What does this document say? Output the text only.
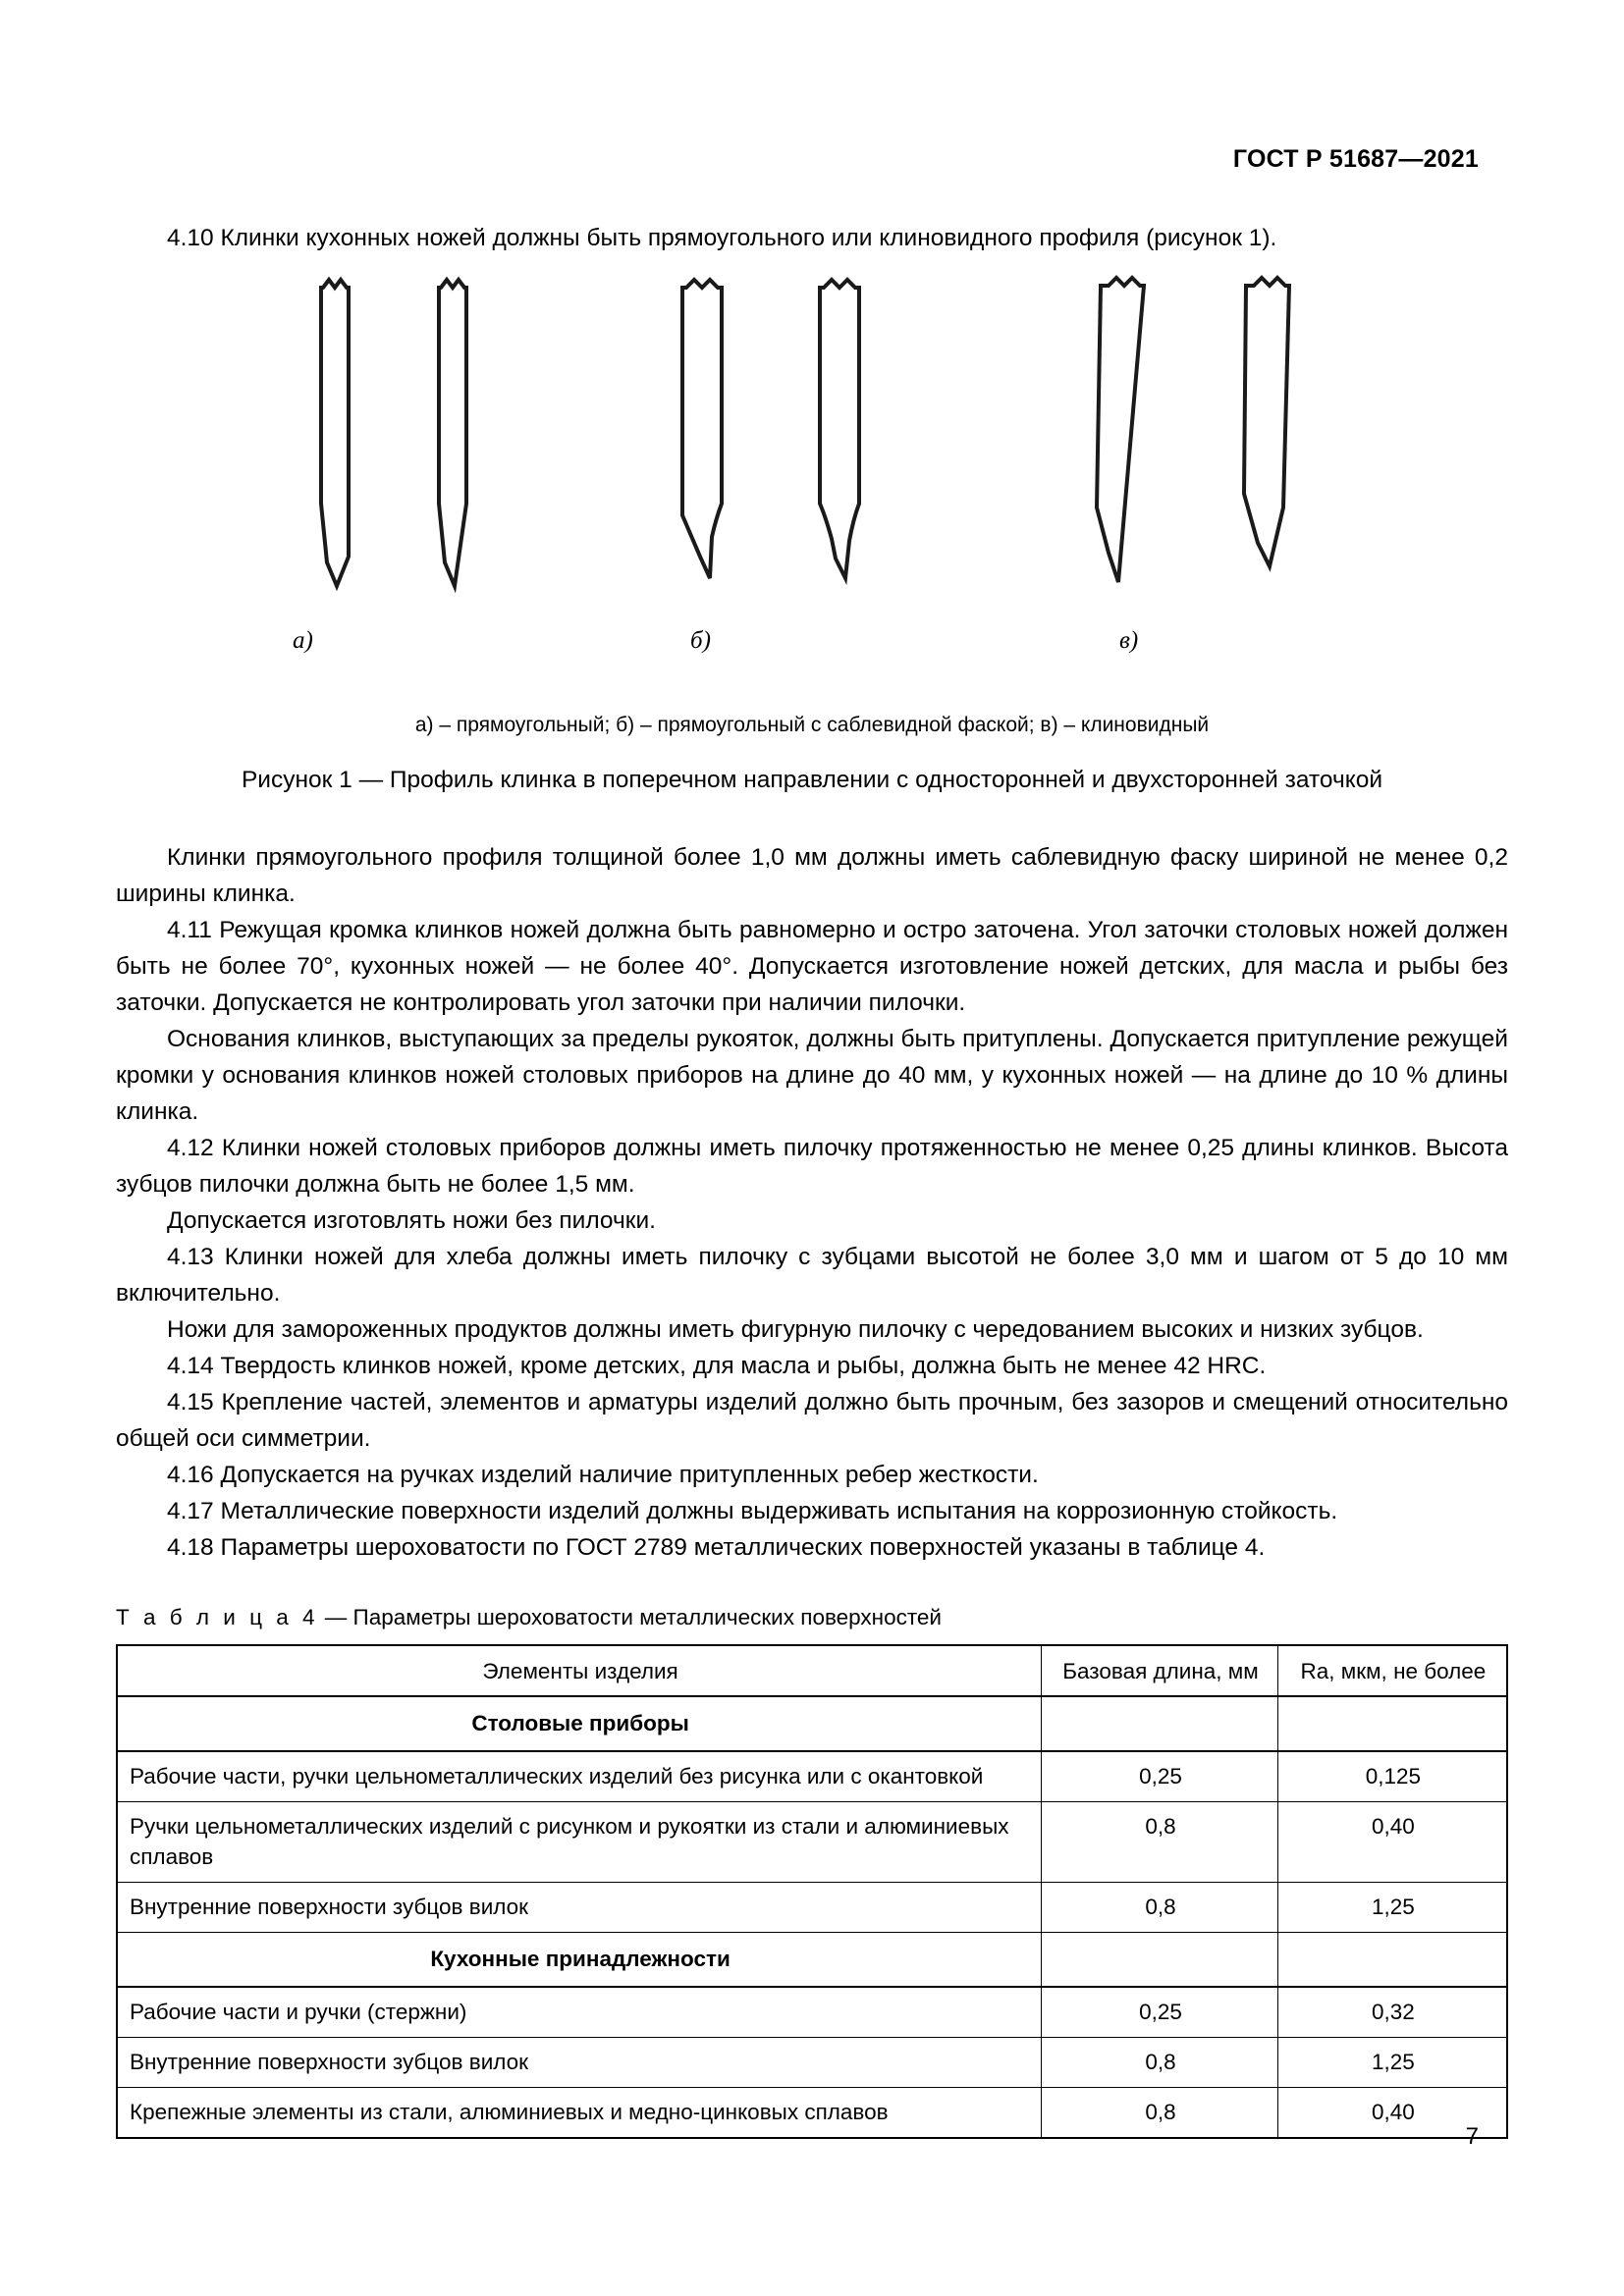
ГОСТ Р 51687—2021

4.10 Клинки кухонных ножей должны быть прямоугольного или клиновидного профиля (рисунок 1).

а)	б)	в)
а) – прямоугольный; б) – прямоугольный с саблевидной фаской; в) – клиновидный
Рисунок 1 — Профиль клинка в поперечном направлении с односторонней и двухсторонней заточкой

Клинки прямоугольного профиля толщиной более 1,0 мм должны иметь саблевидную фаску шириной не менее 0,2 ширины клинка.

4.11 Режущая кромка клинков ножей должна быть равномерно и остро заточена. Угол заточки столовых ножей должен быть не более 70°, кухонных ножей — не более 40°. Допускается изготовление ножей детских, для масла и рыбы без заточки. Допускается не контролировать угол заточки при наличии пилочки.

Основания клинков, выступающих за пределы рукояток, должны быть притуплены. Допускается притупление режущей кромки у основания клинков ножей столовых приборов на длине до 40 мм, у кухонных ножей — на длине до 10 % длины клинка.

4.12 Клинки ножей столовых приборов должны иметь пилочку протяженностью не менее 0,25 длины клинков. Высота зубцов пилочки должна быть не более 1,5 мм.

Допускается изготовлять ножи без пилочки.

4.13 Клинки ножей для хлеба должны иметь пилочку с зубцами высотой не более 3,0 мм и шагом от 5 до 10 мм включительно.

Ножи для замороженных продуктов должны иметь фигурную пилочку с чередованием высоких и низких зубцов.

4.14 Твердость клинков ножей, кроме детских, для масла и рыбы, должна быть не менее 42 HRC.

4.15 Крепление частей, элементов и арматуры изделий должно быть прочным, без зазоров и смещений относительно общей оси симметрии.

4.16 Допускается на ручках изделий наличие притупленных ребер жесткости.

4.17 Металлические поверхности изделий должны выдерживать испытания на коррозионную стойкость.

4.18 Параметры шероховатости по ГОСТ 2789 металлических поверхностей указаны в таблице 4.

Т а б л и ц а 4 — Параметры шероховатости металлических поверхностей
Элементы изделия	Базовая длина, мм	Ra, мкм, не более
Столовые приборы		
Рабочие части, ручки цельнометаллических изделий без рисунка или с окантовкой	0,25	0,125
Ручки цельнометаллических изделий с рисунком и рукоятки из стали и алюминиевых сплавов	0,8	0,40
Внутренние поверхности зубцов вилок	0,8	1,25
Кухонные принадлежности		
Рабочие части и ручки (стержни)	0,25	0,32
Внутренние поверхности зубцов вилок	0,8	1,25
Крепежные элементы из стали, алюминиевых и медно-цинковых сплавов	0,8	0,40
7
